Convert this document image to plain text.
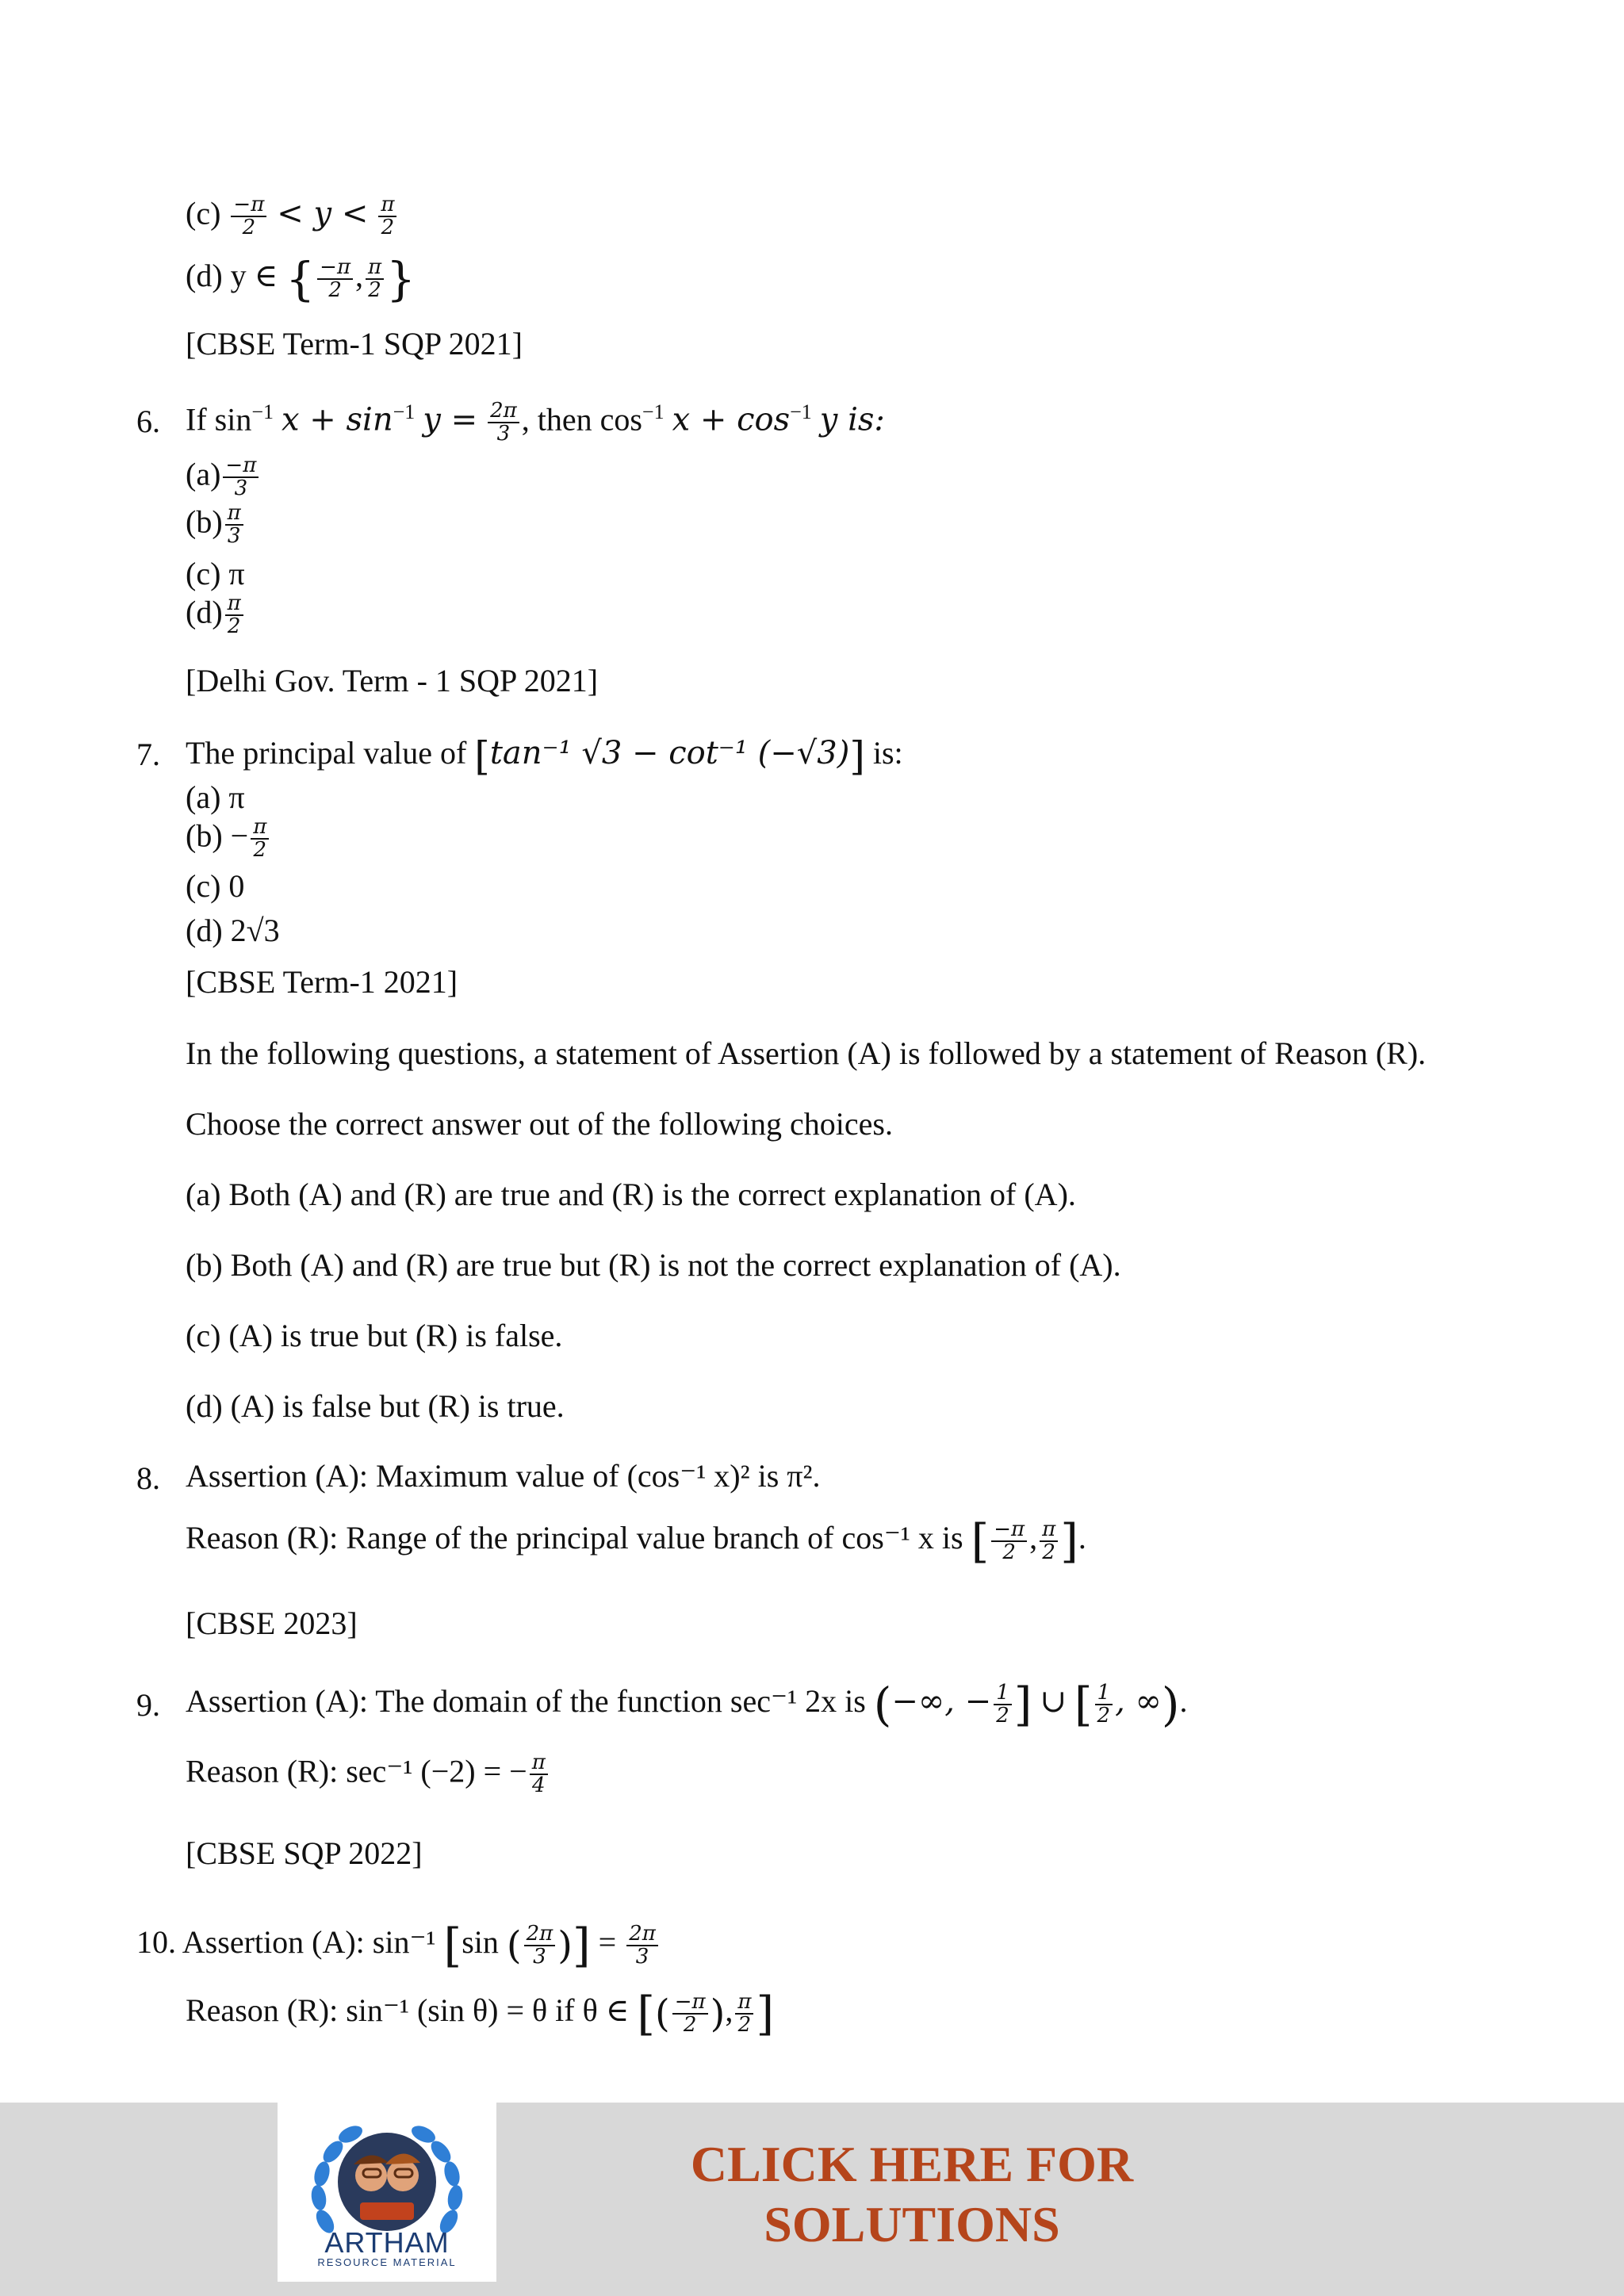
$(c) \frac{-\pi}{2} < y < \frac{\pi}{2}$
(d) y ∈ { $\frac{-\pi}{2}$ , $\frac{\pi}{2}$ }
[CBSE Term-1 SQP 2021]
6. If $\sin^{-1} x + \sin^{-1} y = \frac{2\pi}{3}$ , then $\cos^{-1} x + \cos^{-1} y$ is:
$(a) \frac{-\pi}{3}$
$(b) \frac{\pi}{3}$
(c) π
$(d) \frac{\pi}{2}$
[Delhi Gov. Term - 1 SQP 2021]
7. The principal value of [tan⁻¹ √3 − cot⁻¹ (−√3)] is:
(a) π
$(b) - \frac{\pi}{2}$
(c) 0
(d) 2√3
[CBSE Term-1 2021]
In the following questions, a statement of Assertion (A) is followed by a statement of Reason (R).
Choose the correct answer out of the following choices.
(a) Both (A) and (R) are true and (R) is the correct explanation of (A).
(b) Both (A) and (R) are true but (R) is not the correct explanation of (A).
(c) (A) is true but (R) is false.
(d) (A) is false but (R) is true.
8. Assertion (A): Maximum value of (cos⁻¹ x)² is π².
Reason (R): Range of the principal value branch of cos⁻¹ x is [ $\frac{-\pi}{2}$ , $\frac{\pi}{2}$ ].
[CBSE 2023]
9. Assertion (A): The domain of the function sec⁻¹ 2x is (−∞, − $\frac{1}{2}$ ] ∪ [ $\frac{1}{2}$ , ∞).
Reason (R): sec⁻¹ (−2) = − $\frac{\pi}{4}$
[CBSE SQP 2022]
10. Assertion (A): sin⁻¹ [sin ( $\frac{2\pi}{3}$ )] = $\frac{2\pi}{3}$
Reason (R): sin⁻¹ (sin θ) = θ if θ ∈ [( $\frac{-\pi}{2}$ ), $\frac{\pi}{2}$ ]
ARTHAM
RESOURCE MATERIAL
CLICK HERE FOR
SOLUTIONS
